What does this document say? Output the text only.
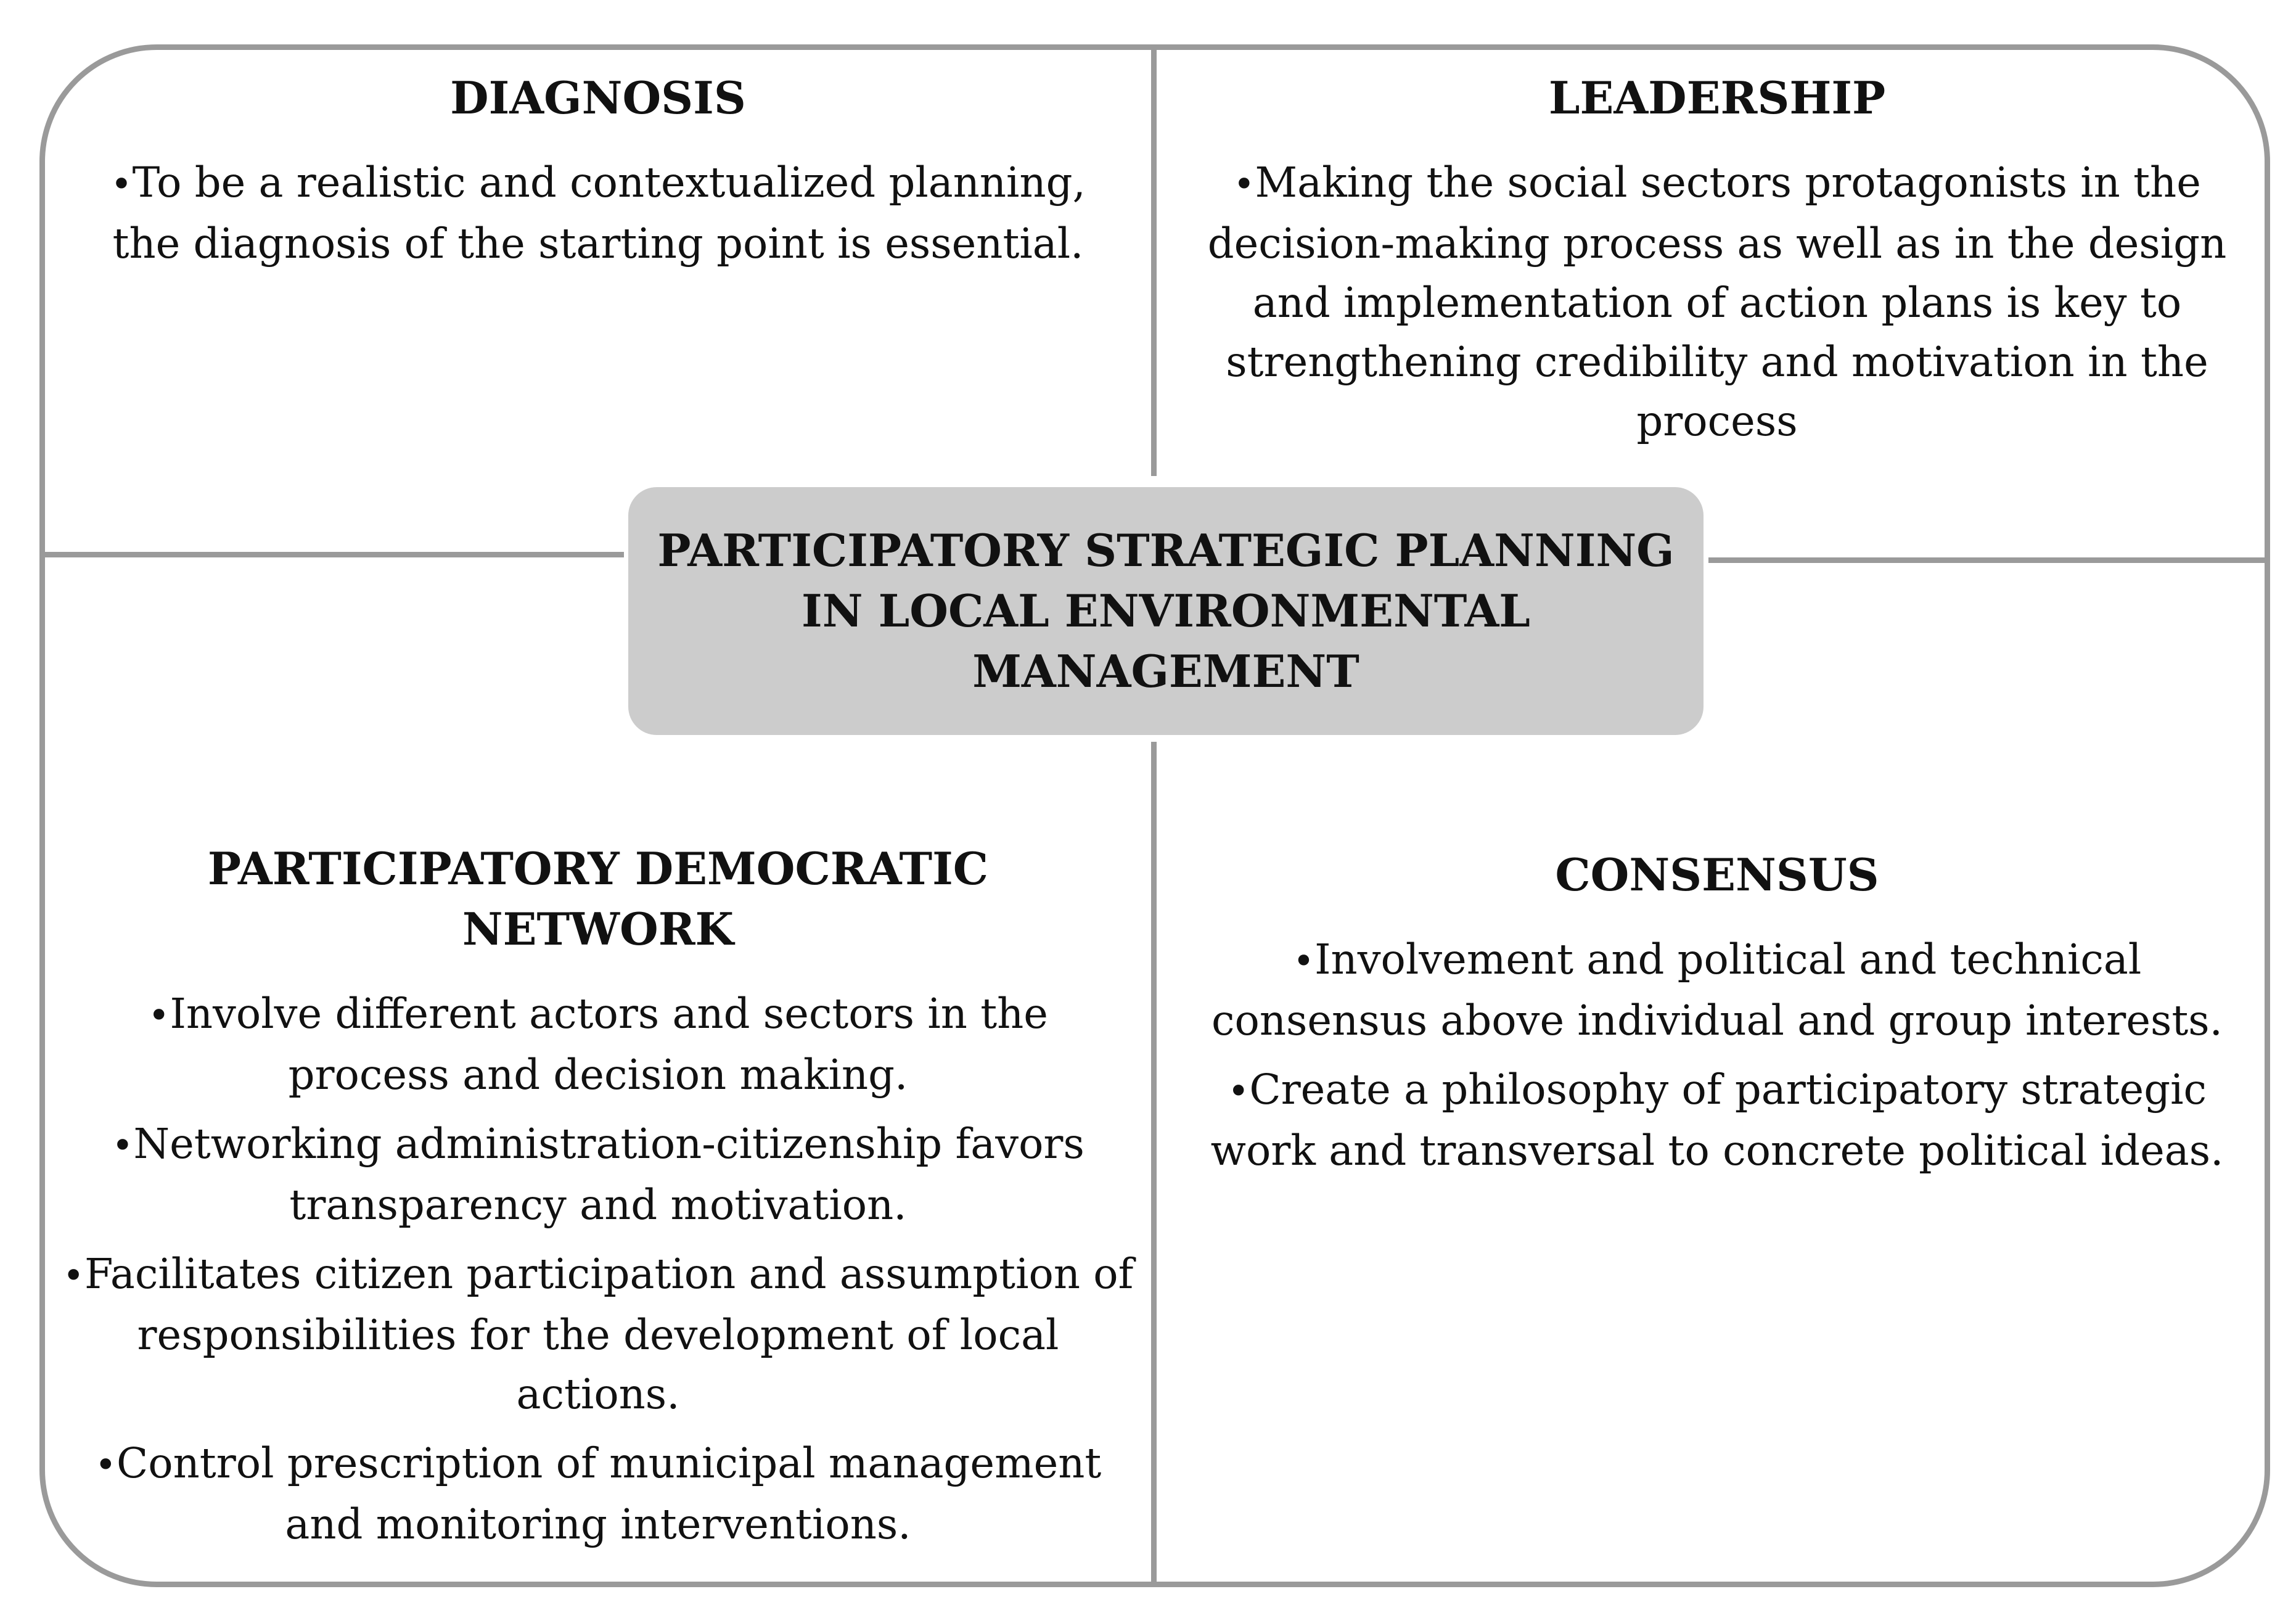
DIAGNOSIS
•To be a realistic and contextualized planning, the diagnosis of the starting point is essential.
LEADERSHIP
•Making the social sectors protagonists in the decision-making process as well as in the design and implementation of action plans is key to strengthening credibility and motivation in the process
PARTICIPATORY DEMOCRATIC
NETWORK
•Involve different actors and sectors in the process and decision making.
•Networking administration-citizenship favors transparency and motivation.
•Facilitates citizen participation and assumption of responsibilities for the development of local actions.
•Control prescription of municipal management and monitoring interventions.
CONSENSUS
•Involvement and political and technical consensus above individual and group interests.
•Create a philosophy of participatory strategic work and transversal to concrete political ideas.
PARTICIPATORY STRATEGIC PLANNING
IN LOCAL ENVIRONMENTAL
MANAGEMENT
